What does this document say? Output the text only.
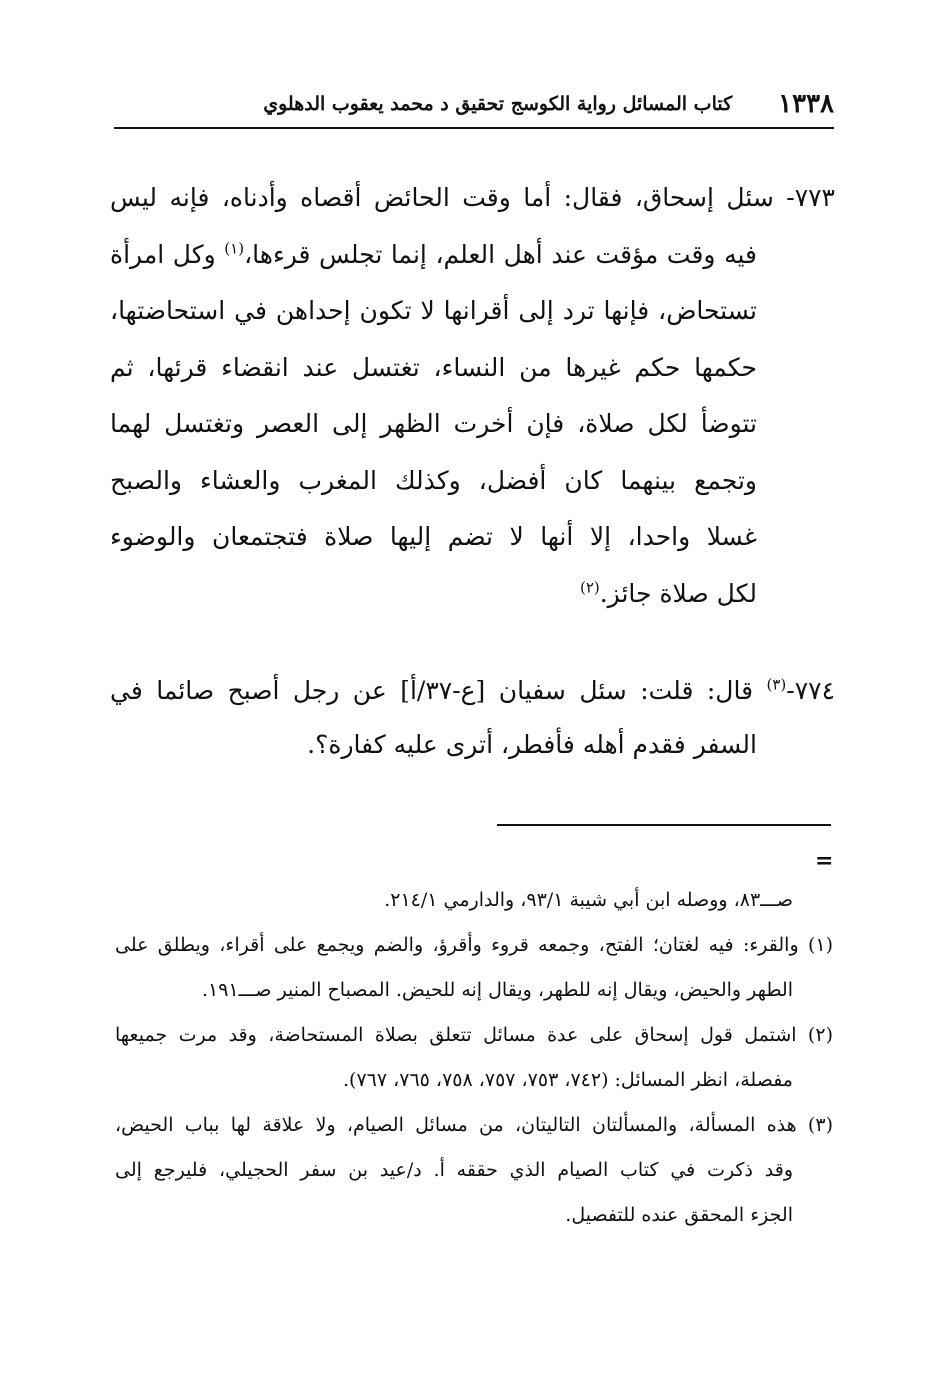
١٣٣٨
كتاب المسائل رواية الكوسج تحقيق د محمد يعقوب الدهلوي
٧٧٣- سئل إسحاق، فقال: أما وقت الحائض أقصاه وأدناه، فإنه ليس
فيه وقت مؤقت عند أهل العلم، إنما تجلس قرءها،$^{(١)}$ وكل امرأة
تستحاض، فإنها ترد إلى أقرانها لا تكون إحداهن في استحاضتها،
حكمها حكم غيرها من النساء، تغتسل عند انقضاء قرئها، ثم
تتوضأ لكل صلاة، فإن أخرت الظهر إلى العصر وتغتسل لهما
وتجمع بينهما كان أفضل، وكذلك المغرب والعشاء والصبح
غسلا واحدا، إلا أنها لا تضم إليها صلاة فتجتمعان والوضوء
لكل صلاة جائز.$^{(٢)}$
٧٧٤-$^{(٣)}$ قال: قلت: سئل سفيان [ع-٣٧/أ] عن رجل أصبح صائما في
السفر فقدم أهله فأفطر، أترى عليه كفارة؟.
=
صـــ٨٣، ووصله ابن أبي شيبة ٩٣/١، والدارمي ٢١٤/١.
(١) والقرء: فيه لغتان؛ الفتح، وجمعه قروء وأقرؤ، والضم ويجمع على أقراء، ويطلق على
الطهر والحيض، ويقال إنه للطهر، ويقال إنه للحيض. المصباح المنير صـــ١٩١.
(٢) اشتمل قول إسحاق على عدة مسائل تتعلق بصلاة المستحاضة، وقد مرت جميعها
مفصلة، انظر المسائل: (٧٤٢، ٧٥٣، ٧٥٧، ٧٥٨، ٧٦٥، ٧٦٧).
(٣) هذه المسألة، والمسألتان التاليتان، من مسائل الصيام، ولا علاقة لها بباب الحيض،
وقد ذكرت في كتاب الصيام الذي حققه أ. د/عيد بن سفر الحجيلي، فليرجع إلى
الجزء المحقق عنده للتفصيل.
